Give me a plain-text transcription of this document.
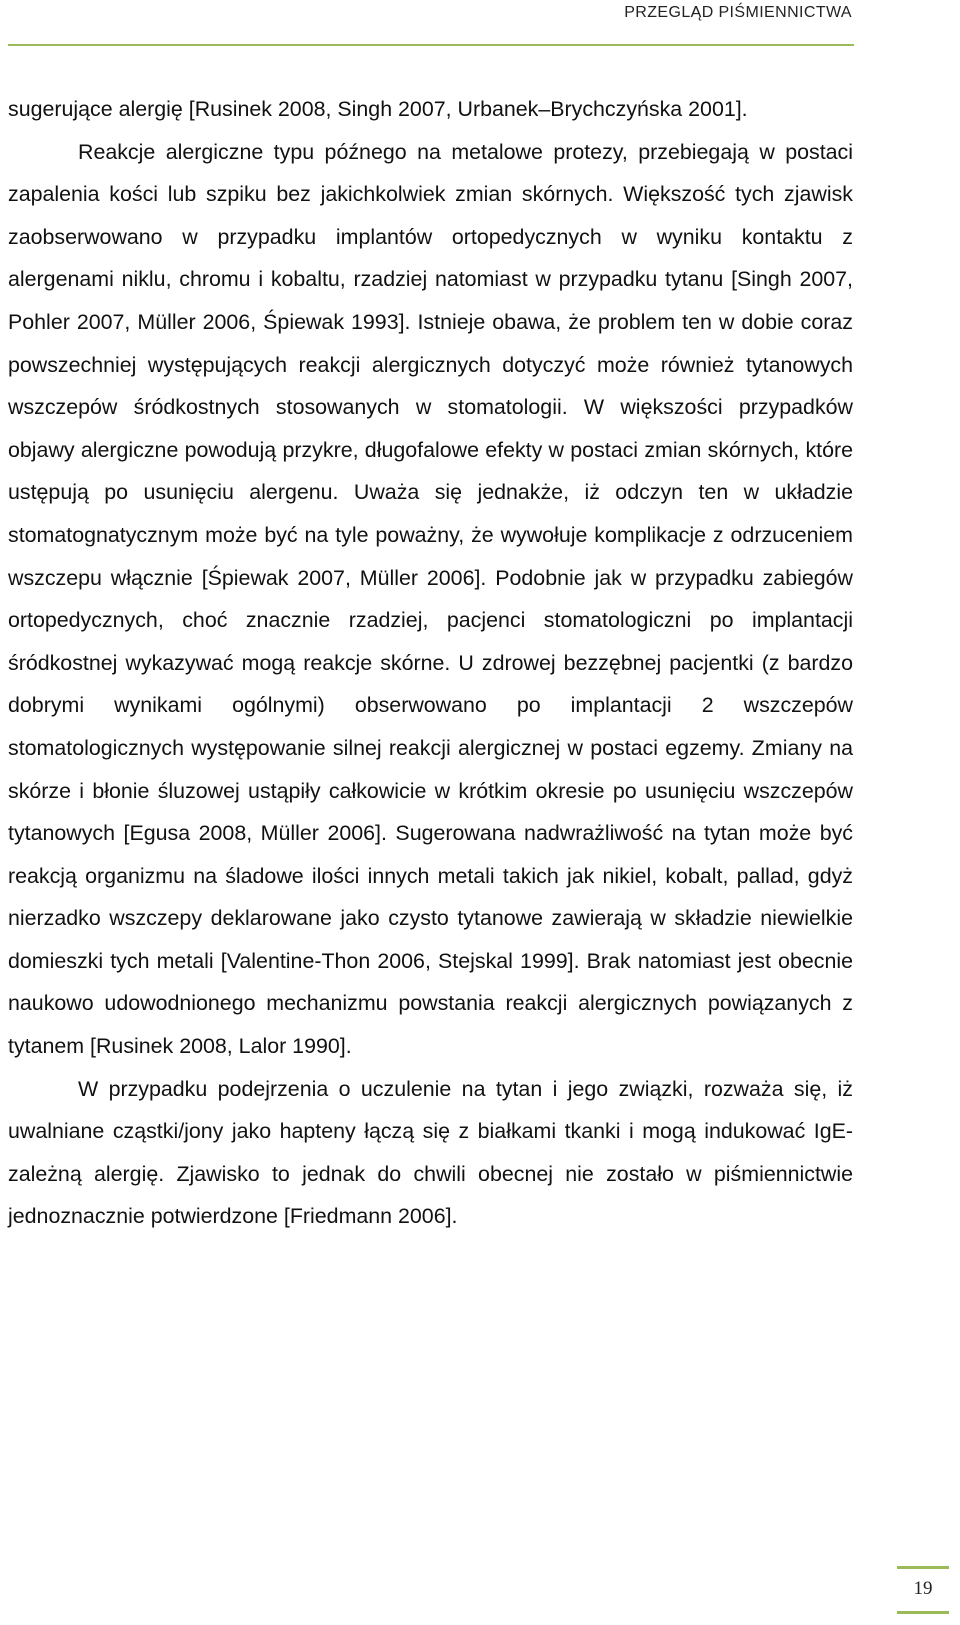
PRZEGLĄD PIŚMIENNICTWA

sugerujące alergię [Rusinek 2008, Singh 2007, Urbanek–Brychczyńska 2001].

Reakcje alergiczne typu późnego na metalowe protezy, przebiegają w postaci zapalenia kości lub szpiku bez jakichkolwiek zmian skórnych. Większość tych zjawisk zaobserwowano w przypadku implantów ortopedycznych w wyniku kontaktu z alergenami niklu, chromu i kobaltu, rzadziej natomiast w przypadku tytanu [Singh 2007, Pohler 2007, Müller 2006, Śpiewak 1993]. Istnieje obawa, że problem ten w dobie coraz powszechniej występujących reakcji alergicznych dotyczyć może również tytanowych wszczepów śródkostnych stosowanych w stomatologii. W większości przypadków objawy alergiczne powodują przykre, długofalowe efekty w postaci zmian skórnych, które ustępują po usunięciu alergenu. Uważa się jednakże, iż odczyn ten w układzie stomatognatycznym może być na tyle poważny, że wywołuje komplikacje z odrzuceniem wszczepu włącznie [Śpiewak 2007, Müller 2006]. Podobnie jak w przypadku zabiegów ortopedycznych, choć znacznie rzadziej, pacjenci stomatologiczni po implantacji śródkostnej wykazywać mogą reakcje skórne. U zdrowej bezzębnej pacjentki (z bardzo dobrymi wynikami ogólnymi) obserwowano po implantacji 2 wszczepów stomatologicznych występowanie silnej reakcji alergicznej w postaci egzemy. Zmiany na skórze i błonie śluzowej ustąpiły całkowicie w krótkim okresie po usunięciu wszczepów tytanowych [Egusa 2008, Müller 2006]. Sugerowana nadwrażliwość na tytan może być reakcją organizmu na śladowe ilości innych metali takich jak nikiel, kobalt, pallad, gdyż nierzadko wszczepy deklarowane jako czysto tytanowe zawierają w składzie niewielkie domieszki tych metali [Valentine-Thon 2006, Stejskal 1999]. Brak natomiast jest obecnie naukowo udowodnionego mechanizmu powstania reakcji alergicznych powiązanych z tytanem [Rusinek 2008, Lalor 1990].

W przypadku podejrzenia o uczulenie na tytan i jego związki, rozważa się, iż uwalniane cząstki/jony jako hapteny łączą się z białkami tkanki i mogą indukować IgE-zależną alergię. Zjawisko to jednak do chwili obecnej nie zostało w piśmiennictwie jednoznacznie potwierdzone [Friedmann 2006].

19
